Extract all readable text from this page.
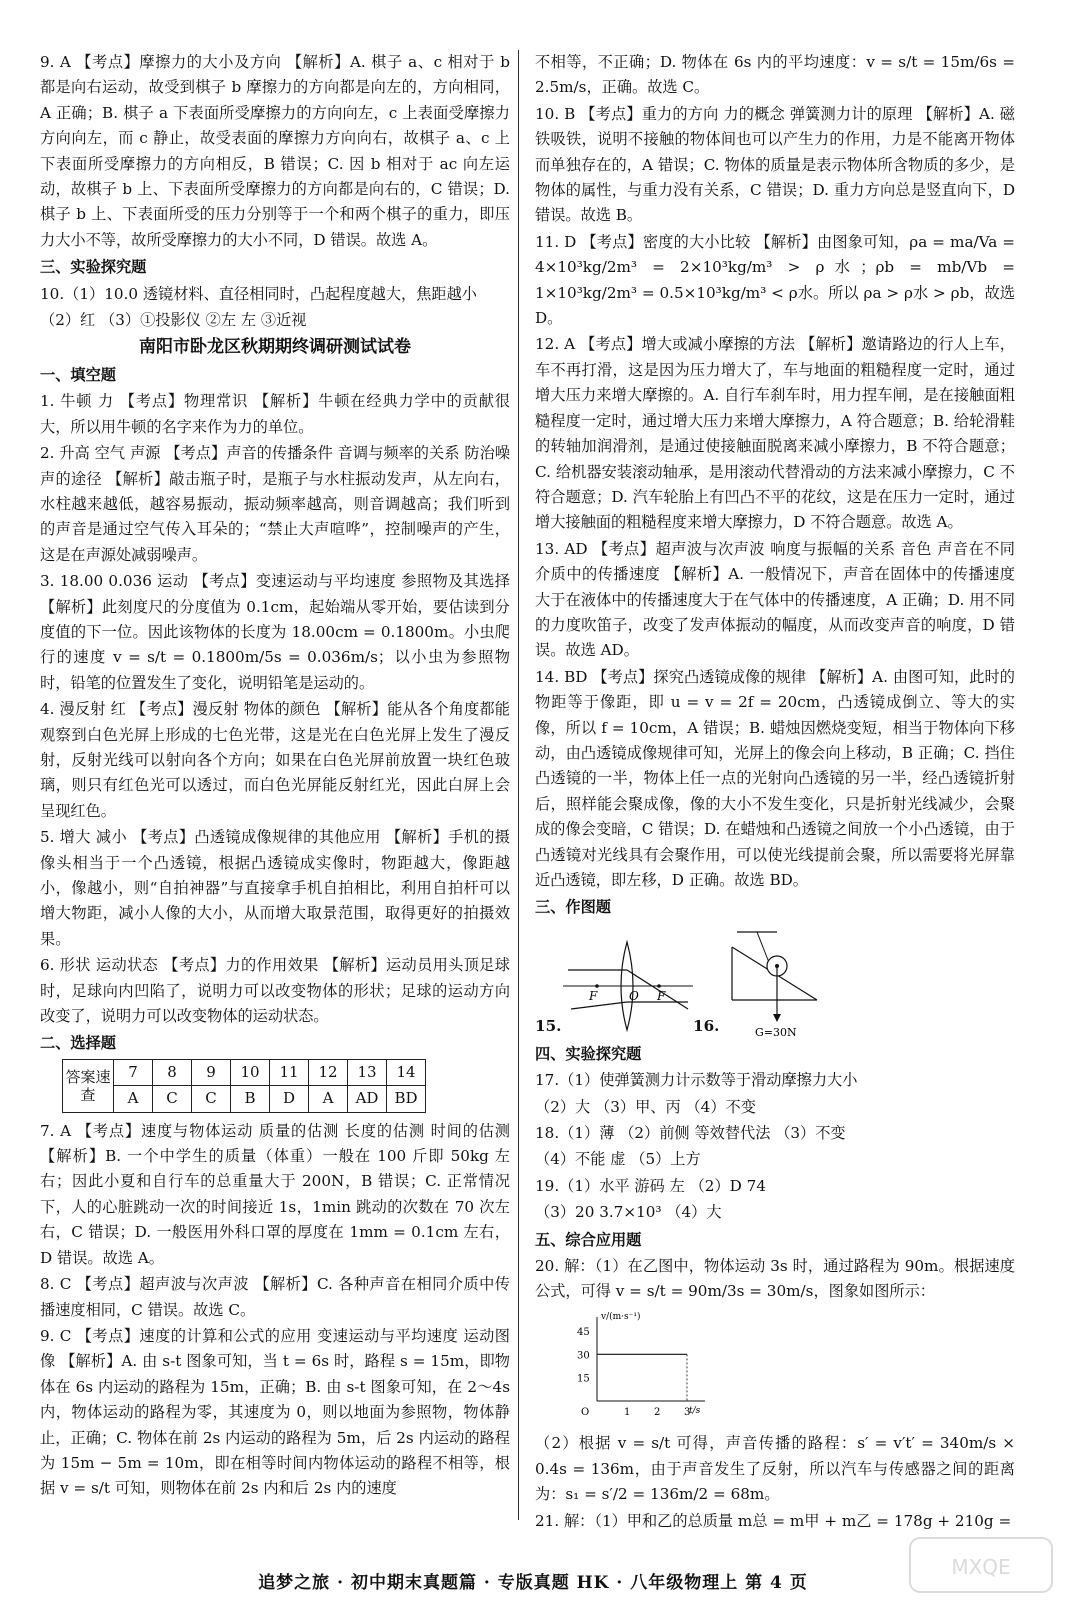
9. A 【考点】摩擦力的大小及方向 【解析】A. 棋子 a、c 相对于 b 都是向右运动，故受到棋子 b 摩擦力的方向都是向左的，方向相同，A 正确；B. 棋子 a 下表面所受摩擦力的方向向左，c 上表面受摩擦力方向向左，而 c 静止，故受表面的摩擦力方向向右，故棋子 a、c 上下表面所受摩擦力的方向相反，B 错误；C. 因 b 相对于 ac 向左运动，故棋子 b 上、下表面所受摩擦力的方向都是向右的，C 错误；D. 棋子 b 上、下表面所受的压力分别等于一个和两个棋子的重力，即压力大小不等，故所受摩擦力的大小不同，D 错误。故选 A。
三、实验探究题
10.（1）10.0 透镜材料、直径相同时，凸起程度越大，焦距越小
（2）红 （3）①投影仪 ②左 左 ③近视
南阳市卧龙区秋期期终调研测试试卷
一、填空题
1. 牛顿 力 【考点】物理常识 【解析】牛顿在经典力学中的贡献很大，所以用牛顿的名字来作为力的单位。
2. 升高 空气 声源 【考点】声音的传播条件 音调与频率的关系 防治噪声的途径 【解析】敲击瓶子时，是瓶子与水柱振动发声，从左向右，水柱越来越低，越容易振动，振动频率越高，则音调越高；我们听到的声音是通过空气传入耳朵的；“禁止大声喧哗”，控制噪声的产生，这是在声源处减弱噪声。
3. 18.00 0.036 运动 【考点】变速运动与平均速度 参照物及其选择 【解析】此刻度尺的分度值为 0.1cm，起始端从零开始，要估读到分度值的下一位。因此该物体的长度为 18.00cm = 0.1800m。小虫爬行的速度 v = s/t = 0.1800m/5s = 0.036m/s；以小虫为参照物时，铅笔的位置发生了变化，说明铅笔是运动的。
4. 漫反射 红 【考点】漫反射 物体的颜色 【解析】能从各个角度都能观察到白色光屏上形成的七色光带，这是光在白色光屏上发生了漫反射，反射光线可以射向各个方向；如果在白色光屏前放置一块红色玻璃，则只有红色光可以透过，而白色光屏能反射红光，因此白屏上会呈现红色。
5. 增大 减小 【考点】凸透镜成像规律的其他应用 【解析】手机的摄像头相当于一个凸透镜，根据凸透镜成实像时，物距越大，像距越小，像越小，则“自拍神器”与直接拿手机自拍相比，利用自拍杆可以增大物距，减小人像的大小，从而增大取景范围，取得更好的拍摄效果。
6. 形状 运动状态 【考点】力的作用效果 【解析】运动员用头顶足球时，足球向内凹陷了，说明力可以改变物体的形状；足球的运动方向改变了，说明力可以改变物体的运动状态。
二、选择题
答案速查	7	8	9	10	11	12	13	14
	A	C	C	B	D	A	AD	BD
7. A 【考点】速度与物体运动 质量的估测 长度的估测 时间的估测 【解析】B. 一个中学生的质量（体重）一般在 100 斤即 50kg 左右；因此小夏和自行车的总重量大于 200N，B 错误；C. 正常情况下，人的心脏跳动一次的时间接近 1s，1min 跳动的次数在 70 次左右，C 错误；D. 一般医用外科口罩的厚度在 1mm = 0.1cm 左右，D 错误。故选 A。
8. C 【考点】超声波与次声波 【解析】C. 各种声音在相同介质中传播速度相同，C 错误。故选 C。
9. C 【考点】速度的计算和公式的应用 变速运动与平均速度 运动图像 【解析】A. 由 s-t 图象可知，当 t = 6s 时，路程 s = 15m，即物体在 6s 内运动的路程为 15m，正确；B. 由 s-t 图象可知，在 2～4s 内，物体运动的路程为零，其速度为 0，则以地面为参照物，物体静止，正确；C. 物体在前 2s 内运动的路程为 5m，后 2s 内运动的路程为 15m − 5m = 10m，即在相等时间内物体运动的路程不相等，根据 v = s/t 可知，则物体在前 2s 内和后 2s 内的速度
不相等，不正确；D. 物体在 6s 内的平均速度：v = s/t = 15m/6s = 2.5m/s，正确。故选 C。
10. B 【考点】重力的方向 力的概念 弹簧测力计的原理 【解析】A. 磁铁吸铁，说明不接触的物体间也可以产生力的作用，力是不能离开物体而单独存在的，A 错误；C. 物体的质量是表示物体所含物质的多少，是物体的属性，与重力没有关系，C 错误；D. 重力方向总是竖直向下，D 错误。故选 B。
11. D 【考点】密度的大小比较 【解析】由图象可知，ρa = ma/Va = 4×10³kg/2m³ = 2×10³kg/m³ > ρ水；ρb = mb/Vb = 1×10³kg/2m³ = 0.5×10³kg/m³ < ρ水。所以 ρa > ρ水 > ρb，故选 D。
12. A 【考点】增大或减小摩擦的方法 【解析】邀请路边的行人上车，车不再打滑，这是因为压力增大了，车与地面的粗糙程度一定时，通过增大压力来增大摩擦的。A. 自行车刹车时，用力捏车闸，是在接触面粗糙程度一定时，通过增大压力来增大摩擦力，A 符合题意；B. 给轮滑鞋的转轴加润滑剂，是通过使接触面脱离来减小摩擦力，B 不符合题意；C. 给机器安装滚动轴承，是用滚动代替滑动的方法来减小摩擦力，C 不符合题意；D. 汽车轮胎上有凹凸不平的花纹，这是在压力一定时，通过增大接触面的粗糙程度来增大摩擦力，D 不符合题意。故选 A。
13. AD 【考点】超声波与次声波 响度与振幅的关系 音色 声音在不同介质中的传播速度 【解析】A. 一般情况下，声音在固体中的传播速度大于在液体中的传播速度大于在气体中的传播速度，A 正确；D. 用不同的力度吹笛子，改变了发声体振动的幅度，从而改变声音的响度，D 错误。故选 AD。
14. BD 【考点】探究凸透镜成像的规律 【解析】A. 由图可知，此时的物距等于像距，即 u = v = 2f = 20cm，凸透镜成倒立、等大的实像，所以 f = 10cm，A 错误；B. 蜡烛因燃烧变短，相当于物体向下移动，由凸透镜成像规律可知，光屏上的像会向上移动，B 正确；C. 挡住凸透镜的一半，物体上任一点的光射向凸透镜的另一半，经凸透镜折射后，照样能会聚成像，像的大小不发生变化，只是折射光线减少，会聚成的像会变暗，C 错误；D. 在蜡烛和凸透镜之间放一个小凸透镜，由于凸透镜对光线具有会聚作用，可以使光线提前会聚，所以需要将光屏靠近凸透镜，即左移，D 正确。故选 BD。
三、作图题
15.
F	O F
16.	G=30N
四、实验探究题
17.（1）使弹簧测力计示数等于滑动摩擦力大小
（2）大 （3）甲、丙 （4）不变
18.（1）薄 （2）前侧 等效替代法 （3）不变
（4）不能 虚 （5）上方
19.（1）水平 游码 左 （2）D 74
（3）20 3.7×10³ （4）大
五、综合应用题
20. 解：（1）在乙图中，物体运动 3s 时，通过路程为 90m。根据速度公式，可得 v = s/t = 90m/3s = 30m/s，图象如图所示：
v/(m·s⁻¹)
t/s
45
30
15
O	1 2 3
（2）根据 v = s/t 可得，声音传播的路程：s′ = v′t′ = 340m/s × 0.4s = 136m，由于声音发生了反射，所以汽车与传感器之间的距离为：s₁ = s′/2 = 136m/2 = 68m。
21. 解：（1）甲和乙的总质量 m总 = m甲 + m乙 = 178g + 210g =
追梦之旅 · 初中期末真题篇 · 专版真题 HK · 八年级物理上 第 4 页
MXQE
